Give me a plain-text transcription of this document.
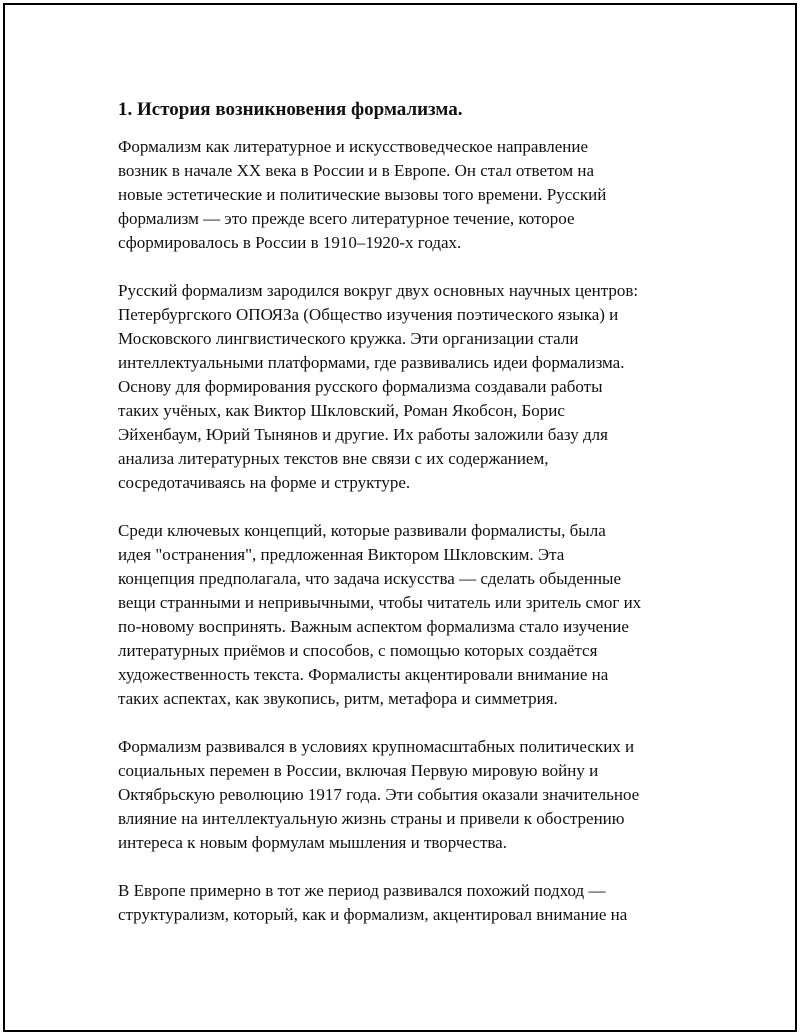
1. История возникновения формализма.
Формализм как литературное и искусствоведческое направление
возник в начале XX века в России и в Европе. Он стал ответом на
новые эстетические и политические вызовы того времени. Русский
формализм — это прежде всего литературное течение, которое
сформировалось в России в 1910–1920-х годах.
Русский формализм зародился вокруг двух основных научных центров:
Петербургского ОПОЯЗа (Общество изучения поэтического языка) и
Московского лингвистического кружка. Эти организации стали
интеллектуальными платформами, где развивались идеи формализма.
Основу для формирования русского формализма создавали работы
таких учёных, как Виктор Шкловский, Роман Якобсон, Борис
Эйхенбаум, Юрий Тынянов и другие. Их работы заложили базу для
анализа литературных текстов вне связи с их содержанием,
сосредотачиваясь на форме и структуре.
Среди ключевых концепций, которые развивали формалисты, была
идея "остранения", предложенная Виктором Шкловским. Эта
концепция предполагала, что задача искусства — сделать обыденные
вещи странными и непривычными, чтобы читатель или зритель смог их
по-новому воспринять. Важным аспектом формализма стало изучение
литературных приёмов и способов, с помощью которых создаётся
художественность текста. Формалисты акцентировали внимание на
таких аспектах, как звукопись, ритм, метафора и симметрия.
Формализм развивался в условиях крупномасштабных политических и
социальных перемен в России, включая Первую мировую войну и
Октябрьскую революцию 1917 года. Эти события оказали значительное
влияние на интеллектуальную жизнь страны и привели к обострению
интереса к новым формулам мышления и творчества.
В Европе примерно в тот же период развивался похожий подход —
структурализм, который, как и формализм, акцентировал внимание на
